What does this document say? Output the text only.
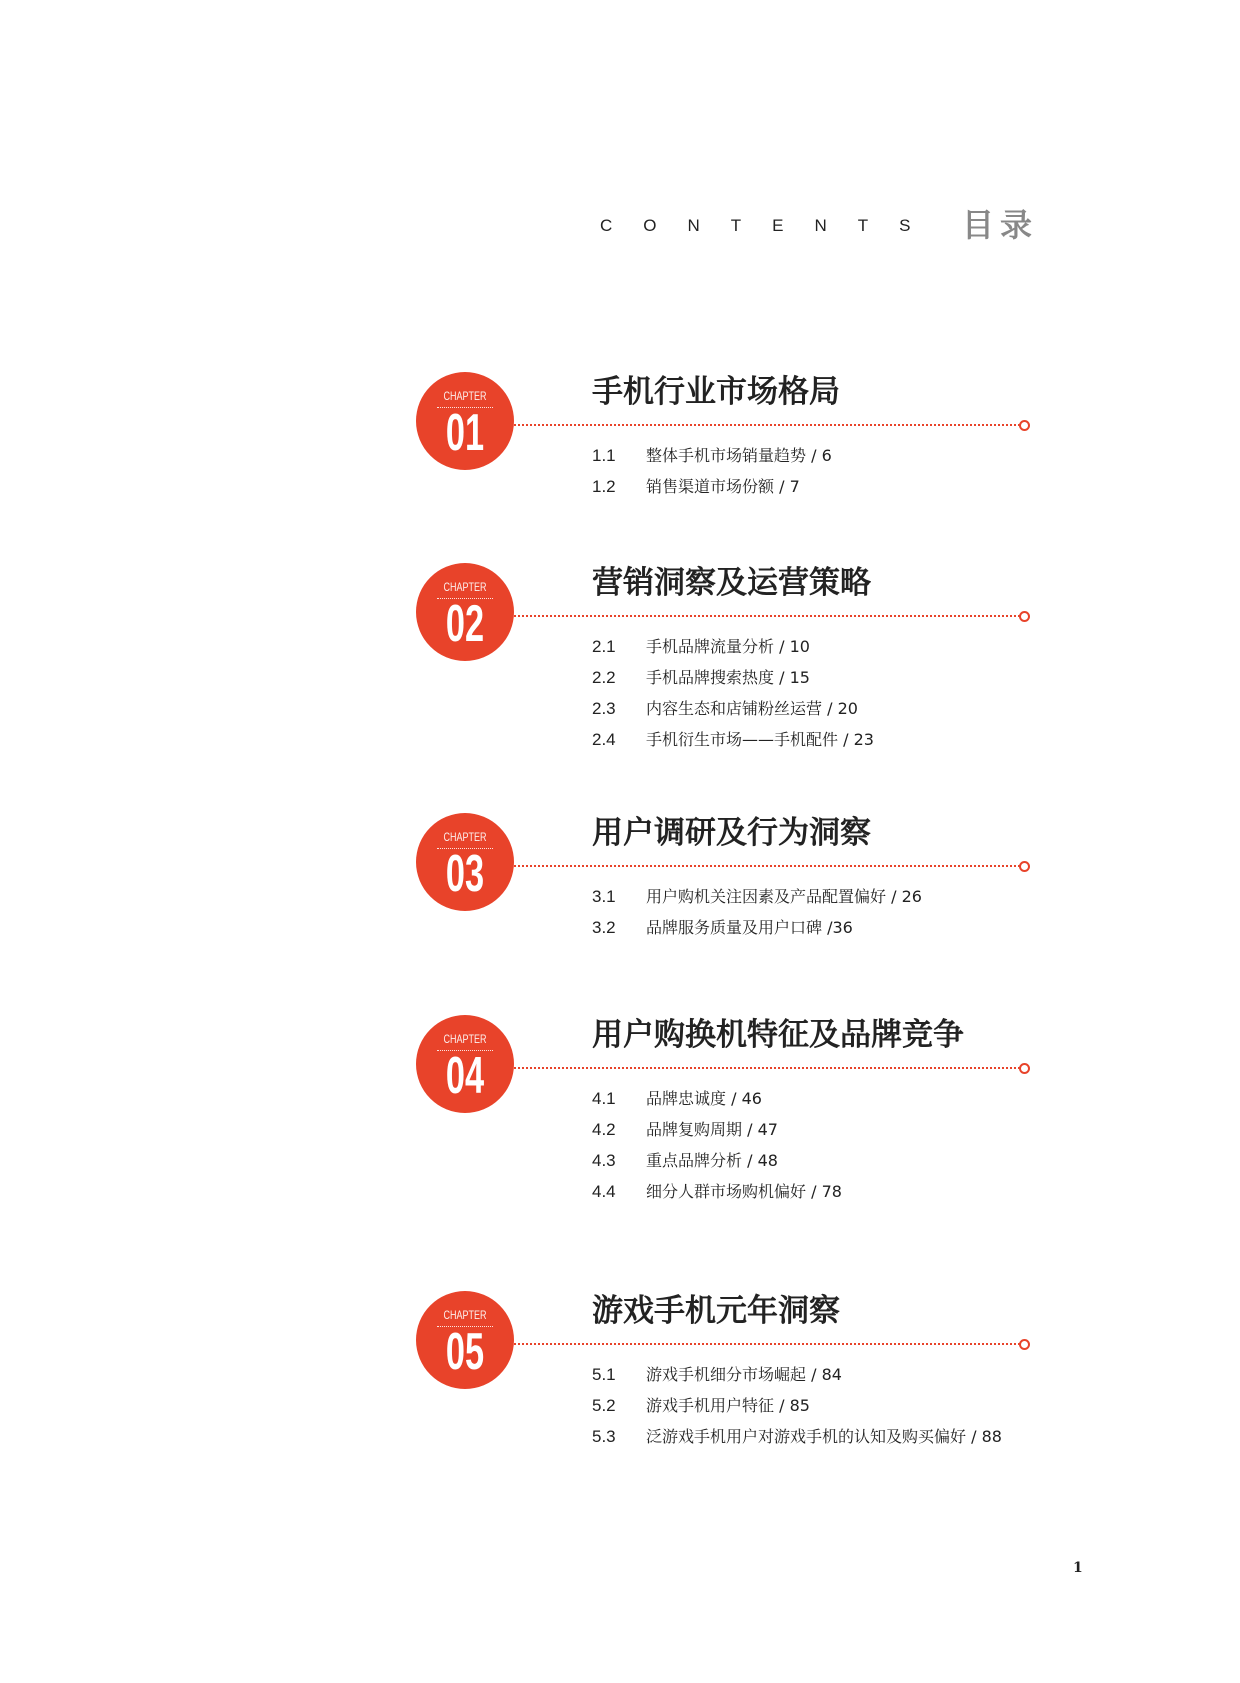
CONTENTS 目录
CHAPTER
01
手机行业市场格局
1.1 整体手机市场销量趋势 / 6
1.2 销售渠道市场份额 / 7
CHAPTER
02
营销洞察及运营策略
2.1 手机品牌流量分析 / 10
2.2 手机品牌搜索热度 / 15
2.3 内容生态和店铺粉丝运营 / 20
2.4 手机衍生市场——手机配件 / 23
CHAPTER
03
用户调研及行为洞察
3.1 用户购机关注因素及产品配置偏好 / 26
3.2 品牌服务质量及用户口碑 /36
CHAPTER
04
用户购换机特征及品牌竞争
4.1 品牌忠诚度 / 46
4.2 品牌复购周期 / 47
4.3 重点品牌分析 / 48
4.4 细分人群市场购机偏好 / 78
CHAPTER
05
游戏手机元年洞察
5.1 游戏手机细分市场崛起 / 84
5.2 游戏手机用户特征 / 85
5.3 泛游戏手机用户对游戏手机的认知及购买偏好 / 88
1
